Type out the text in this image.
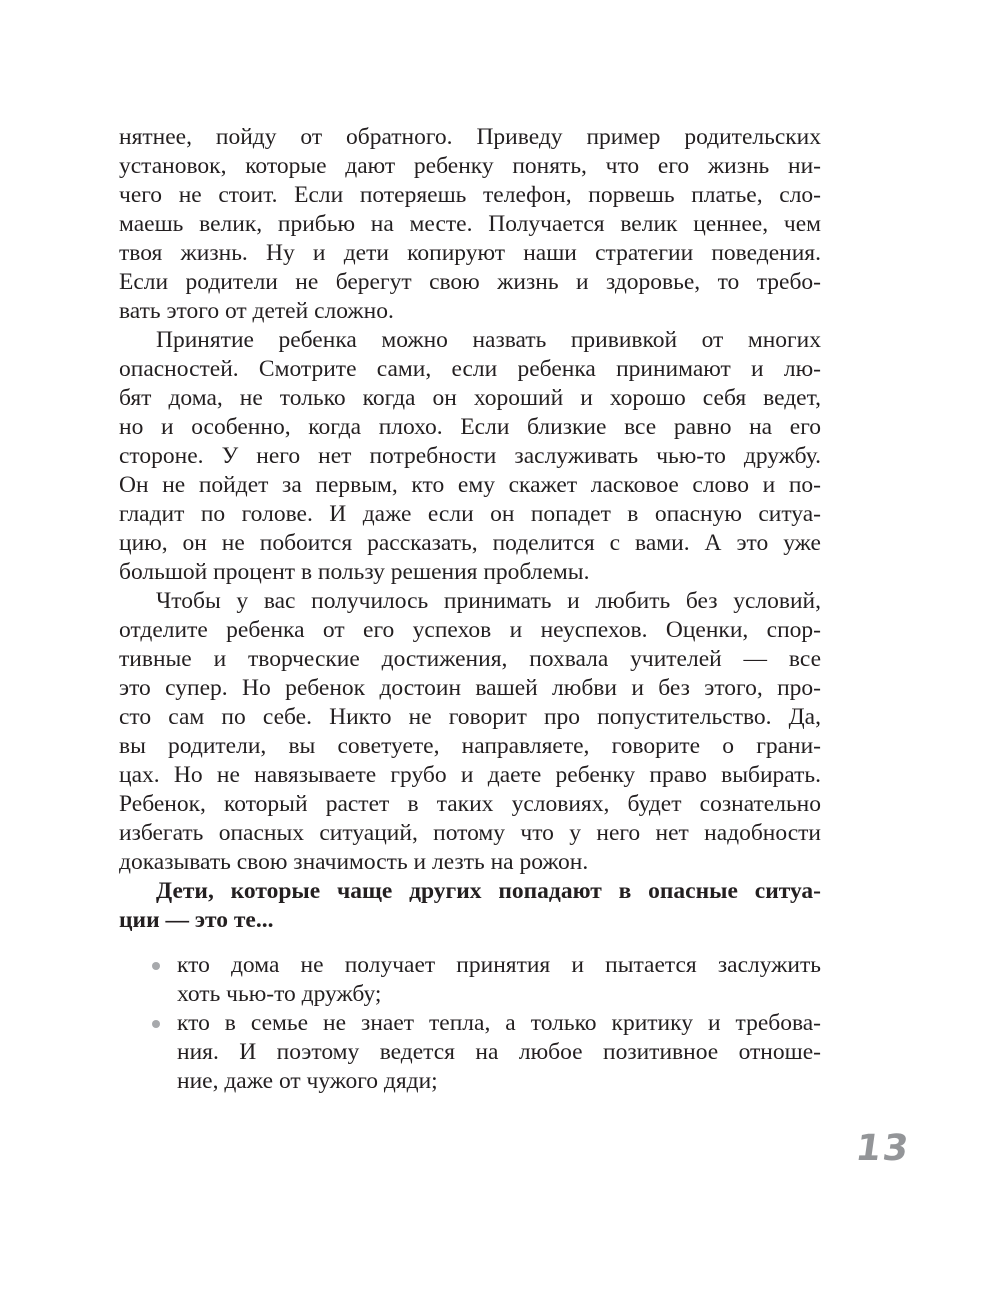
нятнее, пойду от обратного. Приведу пример родительских
установок, которые дают ребенку понять, что его жизнь ни-
чего не стоит. Если потеряешь телефон, порвешь платье, сло-
маешь велик, прибью на месте. Получается велик ценнее, чем
твоя жизнь. Ну и дети копируют наши стратегии поведения.
Если родители не берегут свою жизнь и здоровье, то требо-
вать этого от детей сложно.
Принятие ребенка можно назвать прививкой от многих
опасностей. Смотрите сами, если ребенка принимают и лю-
бят дома, не только когда он хороший и хорошо себя ведет,
но и особенно, когда плохо. Если близкие все равно на его
стороне. У него нет потребности заслуживать чью-то дружбу.
Он не пойдет за первым, кто ему скажет ласковое слово и по-
гладит по голове. И даже если он попадет в опасную ситуа-
цию, он не побоится рассказать, поделится с вами. А это уже
большой процент в пользу решения проблемы.
Чтобы у вас получилось принимать и любить без условий,
отделите ребенка от его успехов и неуспехов. Оценки, спор-
тивные и творческие достижения, похвала учителей — все
это супер. Но ребенок достоин вашей любви и без этого, про-
сто сам по себе. Никто не говорит про попустительство. Да,
вы родители, вы советуете, направляете, говорите о грани-
цах. Но не навязываете грубо и даете ребенку право выбирать.
Ребенок, который растет в таких условиях, будет сознательно
избегать опасных ситуаций, потому что у него нет надобности
доказывать свою значимость и лезть на рожон.
Дети, которые чаще других попадают в опасные ситуа-
ции — это те...
кто дома не получает принятия и пытается заслужить
хоть чью-то дружбу;
кто в семье не знает тепла, а только критику и требова-
ния. И поэтому ведется на любое позитивное отноше-
ние, даже от чужого дяди;
13
